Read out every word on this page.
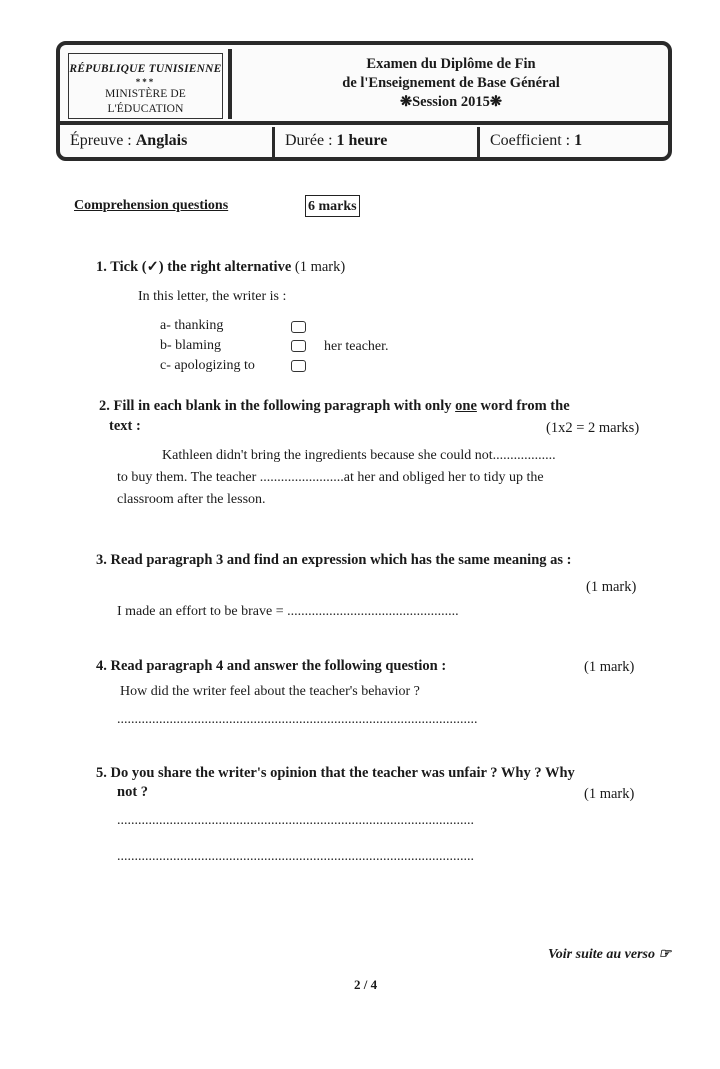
RÉPUBLIQUE TUNISIENNE
***
MINISTÈRE DE L'ÉDUCATION
Examen du Diplôme de Fin
de l'Enseignement de Base Général
❋Session 2015❋
Épreuve : Anglais	Durée : 1 heure	Coefficient : 1
Comprehension questions	6 marks
1. Tick (✓) the right alternative (1 mark)
In this letter, the writer is :
a- thanking
b- blaming
c- apologizing to
her teacher.
2. Fill in each blank in the following paragraph with only one word from the
text :	(1x2 = 2 marks)
Kathleen didn't bring the ingredients because she could not..................
to buy them. The teacher ........................at her and obliged her to tidy up the
classroom after the lesson.
3. Read paragraph 3 and find an expression which has the same meaning as :
(1 mark)
I made an effort to be brave = .................................................
4. Read paragraph 4 and answer the following question :	(1 mark)
How did the writer feel about the teacher's behavior ?
.......................................................................................................
5. Do you share the writer's opinion that the teacher was unfair ? Why ? Why
not ?	(1 mark)
......................................................................................................
......................................................................................................
Voir suite au verso ☞
2 / 4
